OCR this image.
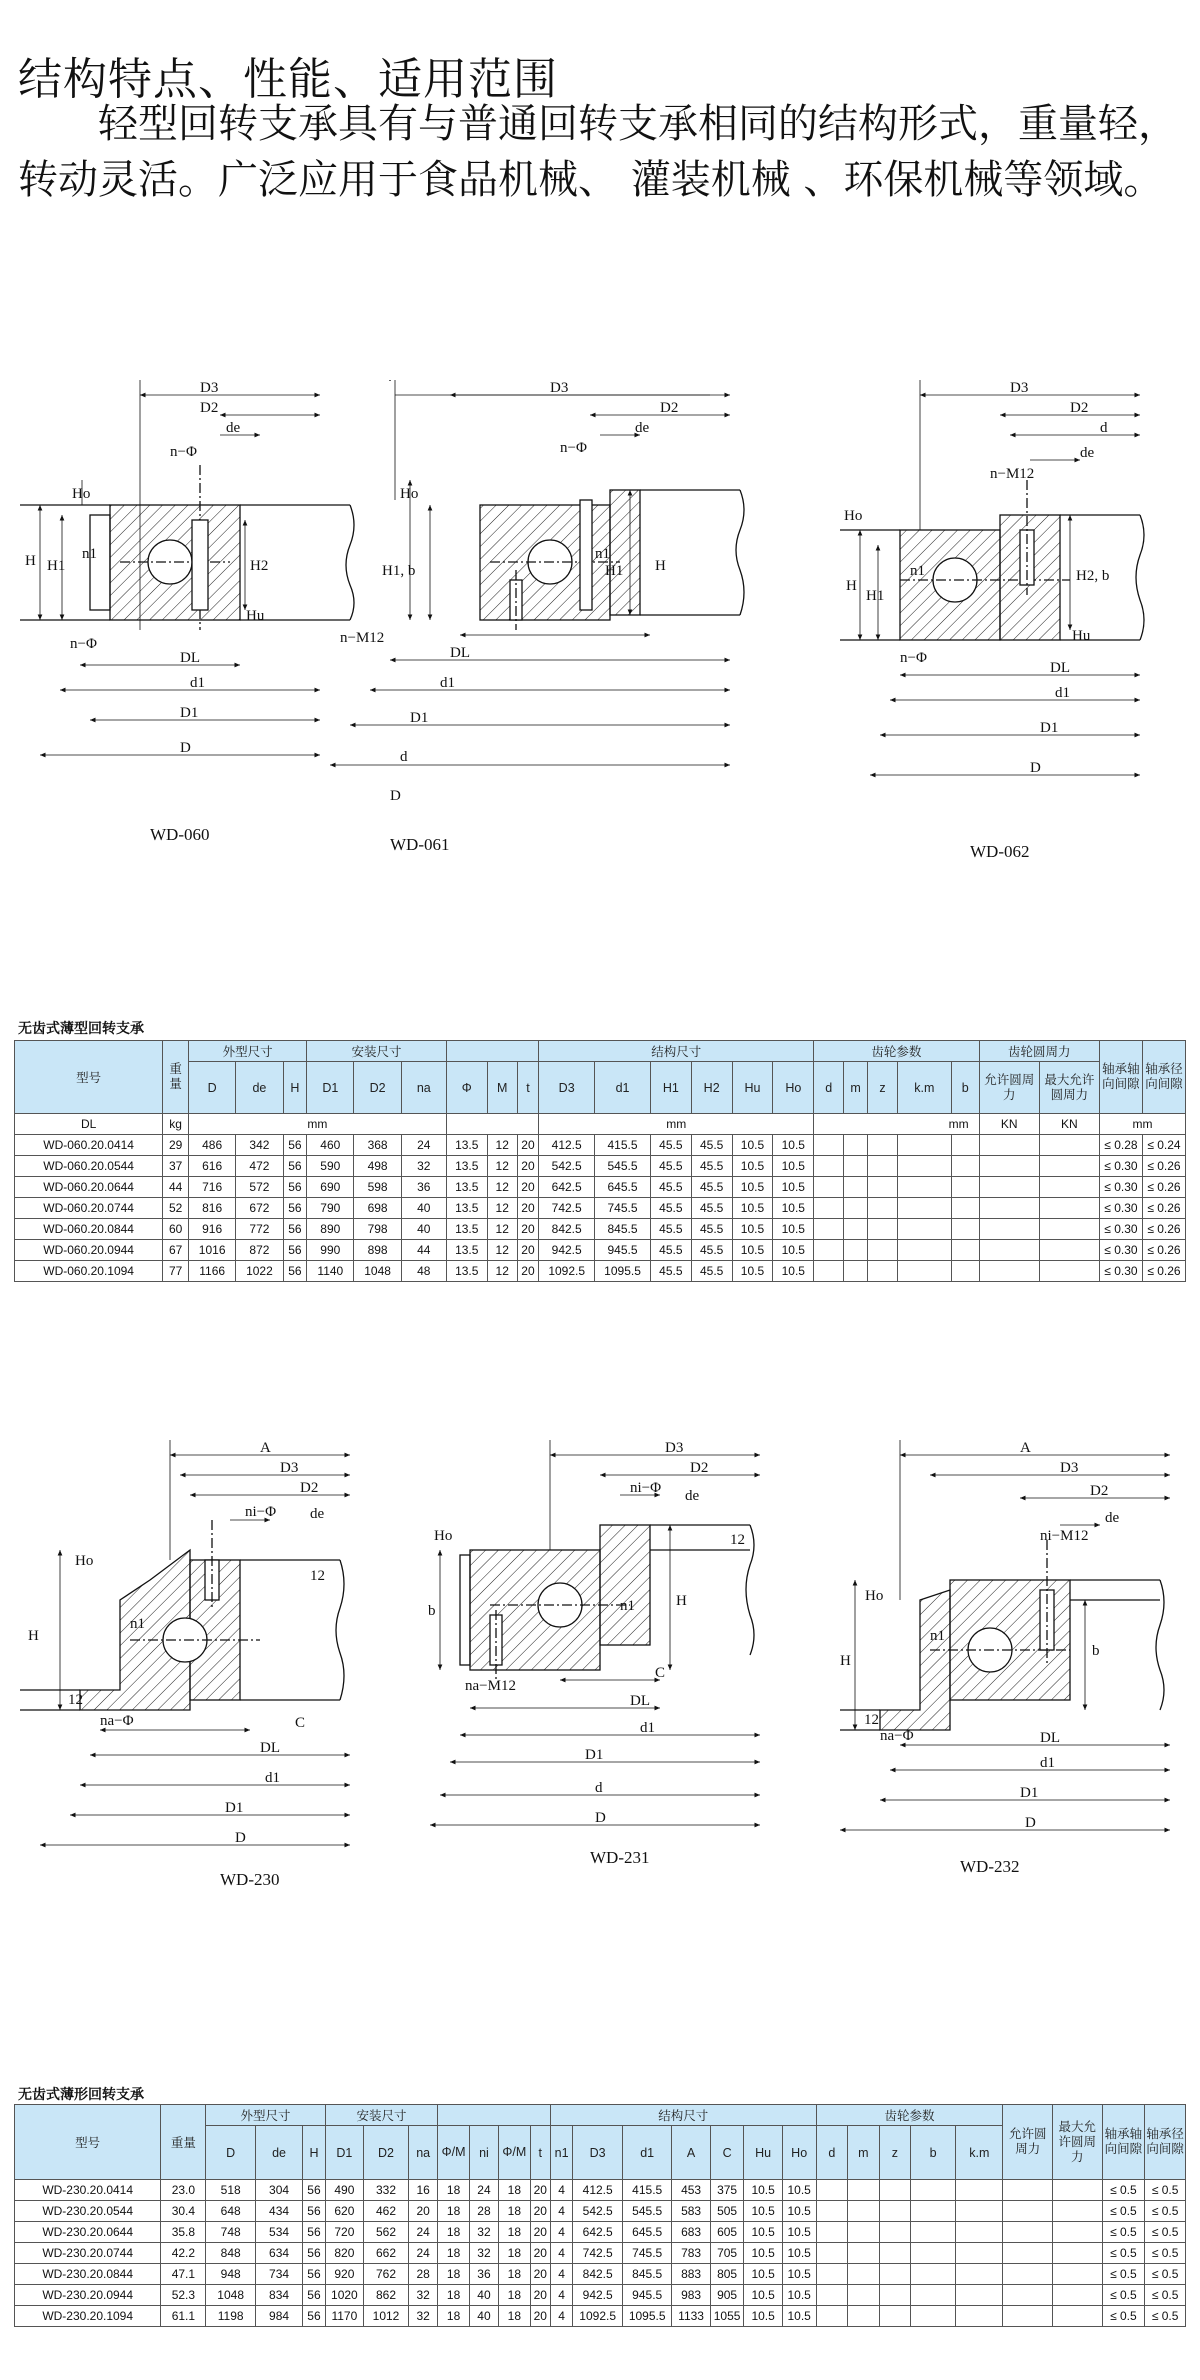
结构特点、性能、适用范围

轻型回转支承具有与普通回转支承相同的结构形式，重量轻，转动灵活。广泛应用于食品机械、 灌装机械 、环保机械等领域。

D3
D2
n−Φ
de
Ho
n1
H H1	H2
Hu
n−Φ
DL
d1
D1
D
WD-060
D3
D2
n−Φ
de
Ho
H1, b
n1
H1 H
n−M12
DL
d1
D1
d
D
WD-061
D3
D2
d
n−M12
de
Ho
H
H1
n1	H2, b
Hu
n−Φ
DL
d1
D1
D
WD-062
无齿式薄型回转支承
型号	重量	外型尺寸			安装尺寸						结构尺寸						齿轮参数					齿轮圆周力		轴承轴向间隙	轴承径向间隙
		D	de	H	D1	D2	na	Φ	M	t	D3	d1	H1	H2	Hu	Ho	d	m	z	k.m	b	允许圆周力	最大允许圆周力		
DL	kg	mm									mm						mm					KN	KN	mm	
WD-060.20.0414	29	486	342	56	460	368	24	13.5	12	20	412.5	415.5	45.5	45.5	10.5	10.5								≤ 0.28	≤ 0.24
WD-060.20.0544	37	616	472	56	590	498	32	13.5	12	20	542.5	545.5	45.5	45.5	10.5	10.5								≤ 0.30	≤ 0.26
WD-060.20.0644	44	716	572	56	690	598	36	13.5	12	20	642.5	645.5	45.5	45.5	10.5	10.5								≤ 0.30	≤ 0.26
WD-060.20.0744	52	816	672	56	790	698	40	13.5	12	20	742.5	745.5	45.5	45.5	10.5	10.5								≤ 0.30	≤ 0.26
WD-060.20.0844	60	916	772	56	890	798	40	13.5	12	20	842.5	845.5	45.5	45.5	10.5	10.5								≤ 0.30	≤ 0.26
WD-060.20.0944	67	1016	872	56	990	898	44	13.5	12	20	942.5	945.5	45.5	45.5	10.5	10.5								≤ 0.30	≤ 0.26
WD-060.20.1094	77	1166	1022	56	1140	1048	48	13.5	12	20	1092.5	1095.5	45.5	45.5	10.5	10.5								≤ 0.30	≤ 0.26
A
D3
D2
ni−Φ de
Ho
n1
H
12
12
na−Φ	C
DL
d1
D1
D
WD-230
D3
D2
ni−Φ de
Ho	12
b	n1	H
na−M12
C
DL
d1
D1
d
D
WD-231
A
D3
D2
ni−M12
de
Ho
n1
H
b
12
na−Φ	DL
d1
D1
D
WD-232
无齿式薄形回转支承
型号	重量	外型尺寸			安装尺寸							结构尺寸							齿轮参数					允许圆周力	最大允许圆周力	轴承轴向间隙	轴承径向间隙
		D	de	H	D1	D2	na	Φ/M	ni	Φ/M	t	n1	D3	d1	A	C	Hu	Ho	d	m	z	b	k.m				
WD-230.20.0414	23.0	518	304	56	490	332	16	18	24	18	20	4	412.5	415.5	453	375	10.5	10.5								≤ 0.5	≤ 0.5
WD-230.20.0544	30.4	648	434	56	620	462	20	18	28	18	20	4	542.5	545.5	583	505	10.5	10.5								≤ 0.5	≤ 0.5
WD-230.20.0644	35.8	748	534	56	720	562	24	18	32	18	20	4	642.5	645.5	683	605	10.5	10.5								≤ 0.5	≤ 0.5
WD-230.20.0744	42.2	848	634	56	820	662	24	18	32	18	20	4	742.5	745.5	783	705	10.5	10.5								≤ 0.5	≤ 0.5
WD-230.20.0844	47.1	948	734	56	920	762	28	18	36	18	20	4	842.5	845.5	883	805	10.5	10.5								≤ 0.5	≤ 0.5
WD-230.20.0944	52.3	1048	834	56	1020	862	32	18	40	18	20	4	942.5	945.5	983	905	10.5	10.5								≤ 0.5	≤ 0.5
WD-230.20.1094	61.1	1198	984	56	1170	1012	32	18	40	18	20	4	1092.5	1095.5	1133	1055	10.5	10.5								≤ 0.5	≤ 0.5
